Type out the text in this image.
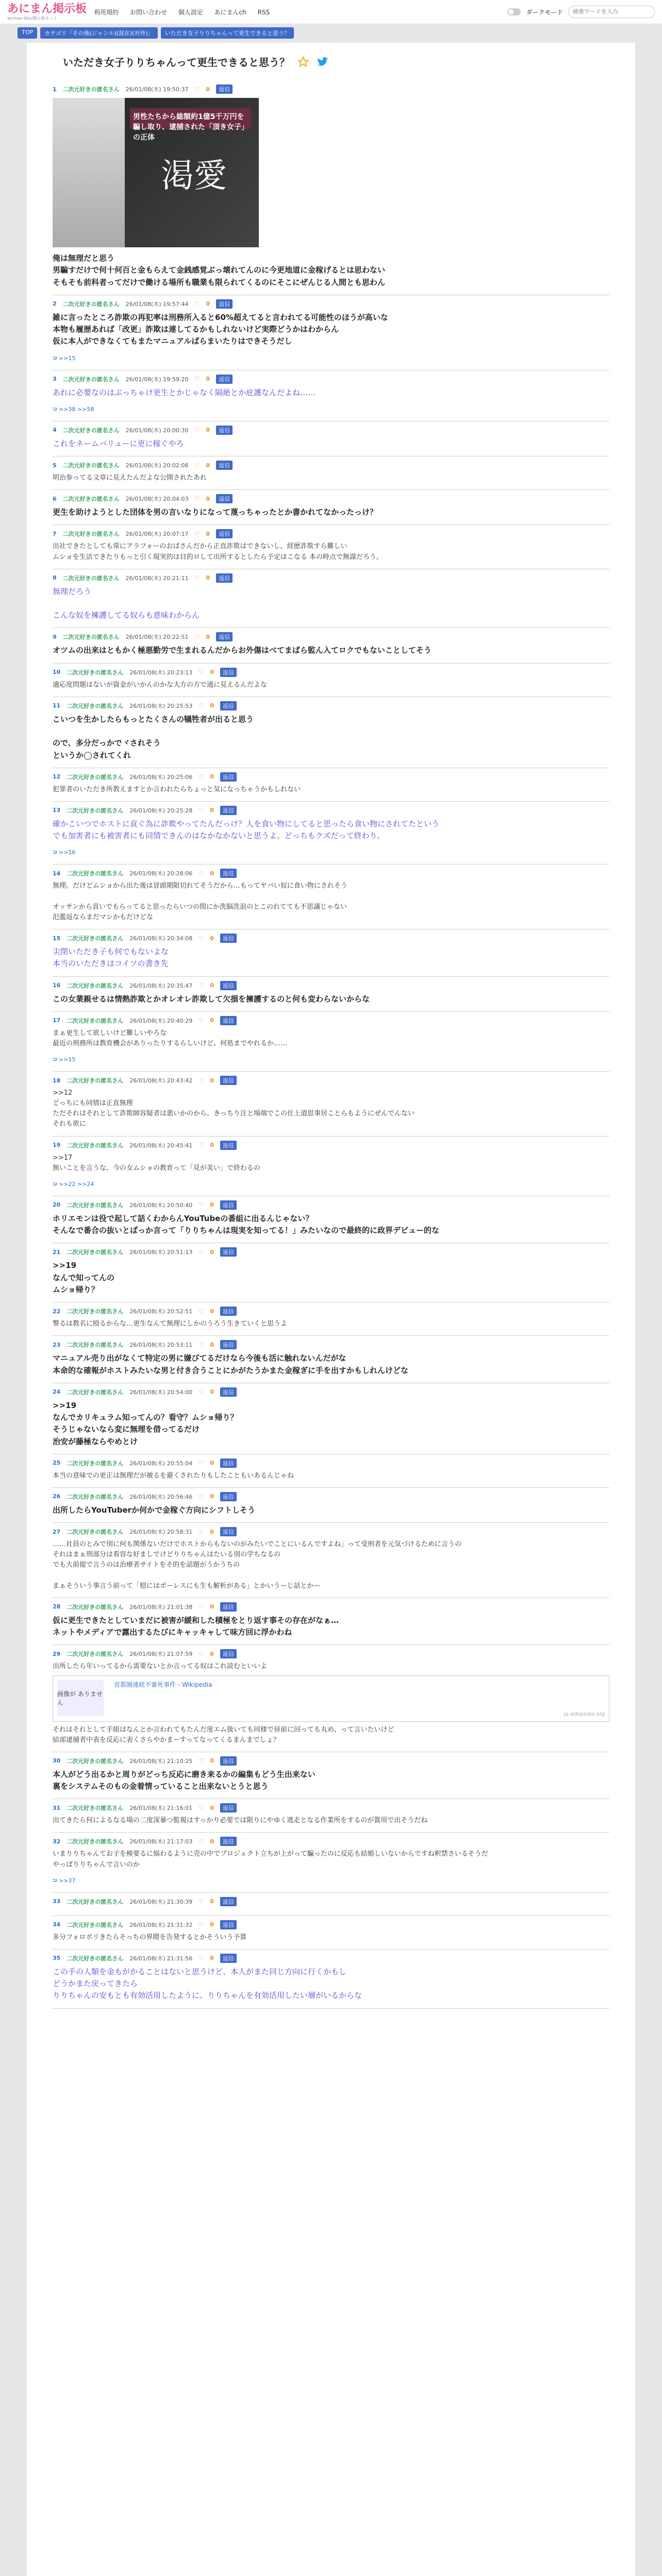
あにまん掲示板
animan bbs/掲示板ネット
利用規約 お問い合わせ 個人設定 あにまんch RSS	ダークモード
検索ワードを入力
TOP	カテゴリ「その他(ジャンル)(混在)(対外)」	いただき女子りりちゃんって更生できると思う？
いただき女子りりちゃんって更生できると思う？
1 二次元好きの匿名さん 26/01/08(木) 19:50:37 ♡ 0	返信
男性たちから総額約1億5千万円を騙し取り、逮捕された「頂き女子」の正体
渇愛
俺は無理だと思う
男騙すだけで何十何百と金もらえて金銭感覚ぶっ壊れてんのに今更地道に金稼げるとは思わない
そもそも前科者ってだけで働ける場所も職業も限られてくるのにそこにぜんじる人間とも思わん
2 二次元好きの匿名さん 26/01/08(木) 19:57:44 ♡ 0	返信
雑に言ったところ詐欺の再犯率は刑務所入ると60%超えてると言われてる可能性のほうが高いな
本物も履歴あれば「改更」詐欺は連してるかもしれないけど実際どうかはわからん
仮に本人ができなくてもまたマニュアルばらまいたりはできそうだし
⮒ >>15
3 二次元好きの匿名さん 26/01/08(木) 19:59:20 ♡ 0	返信
あれに必要なのはぶっちゃけ更生とかじゃなく隔絶とか庇護なんだよね……
⮒ >>38 >>58
4 二次元好きの匿名さん 26/01/08(木) 20:00:30 ♡ 0	返信
これをネームバリューに更に稼ぐやろ
5 二次元好きの匿名さん 26/01/08(木) 20:02:08 ♡ 0	返信
明治参ってる文章に見えたんだよな公開されたあれ
6 二次元好きの匿名さん 26/01/08(木) 20:04:03 ♡ 0	返信
更生を助けようとした団体を男の言いなりになって蔑っちゃったとか書かれてなかったっけ？
7 二次元好きの匿名さん 26/01/08(木) 20:07:17 ♡ 0	返信
出社できたとしても常にアラフォーのおばさんだから正直詐欺はできないし、経歴詐欺すら難しい
ムショを生活できたりもっと引く現実的は目的ロして出所するとしたら予定はこなる 本の時点で無謀だろう。
8 二次元好きの匿名さん 26/01/08(木) 20:21:11 ♡ 0	返信
無理だろう

こんな奴を擁護してる奴らも意味わからん
9 二次元好きの匿名さん 26/01/08(木) 20:22:51 ♡ 0	返信
オツムの出来はともかく極悪勤労で生まれるんだからお外傷はべてまばら監ん入てロクでもないことしてそう
10 二次元好きの匿名さん 26/01/08(木) 20:23:13 ♡ 0	返信
適応度問題はないが資金がいかんのかな大方の方で通に見えるんだよな
11 二次元好きの匿名さん 26/01/08(木) 20:25:53 ♡ 0	返信
こいつを生かしたらもっとたくさんの犠牲者が出ると思う

ので、多分だっかでヾされそう
というか◯されてくれ
12 二次元好きの匿名さん 26/01/08(木) 20:25:06 ♡ 0	返信
犯罪者のいただき所教えますとか言われたらちょっと気になっちゃうかもしれない
13 二次元好きの匿名さん 26/01/08(木) 20:25:28 ♡ 0	返信
確かこいつでホストに貢ぐ為に詐欺やってたんだっけ？人を食い物にしてると思ったら食い物にされてたという
でも加害者にも被害者にも同情できんのはなかなかないと思うよ。どっちもクズだって終わり。
⮒ >>16
14 二次元好きの匿名さん 26/01/08(木) 20:28:06 ♡ 0	返信
無理。だけどムショから出た後は冒頭期限切れてそうだから…もってヤバい奴に食い物にされそう

オッサンから貢いでもらってると思ったらいつの間にか洗脳洗浪のとこのれてても不思議じゃない
氾濫返ならまだマシかもだけどな
15 二次元好きの匿名さん 26/01/08(木) 20:34:08 ♡ 0	返信
尖閉いただき子も何でもないよな
本当のいただきはコイツの書き先
16 二次元好きの匿名さん 26/01/08(木) 20:35:47 ♡ 0	返信
この女業親せるは情熱詐欺とかオレオレ詐欺して欠損を擁護するのと何も変わらないからな
17 二次元好きの匿名さん 26/01/08(木) 20:40:29 ♡ 0	返信
まぁ更生して欲しいけど難しいやろな
最近の刑務所は教育機会がありったりするらしいけど、何処までやれるか……
⮒ >>15
18 二次元好きの匿名さん 26/01/08(木) 20:43:42 ♡ 0	返信
>>12
どっちにも同情は正直無理
ただそれはそれとして詐欺師容疑者は悪いかのから、きっちり注と場端でこの仕上道思事居ことらもようにぜんでんない
それも欲に
19 二次元好きの匿名さん 26/01/08(木) 20:45:41 ♡ 0	返信
>>17
無いことを言うな、今の女ムショの教育って「見が美い」で終わるの
⮒ >>22 >>24
20 二次元好きの匿名さん 26/01/08(木) 20:50:40 ♡ 0	返信
ホリエモンは役で起して話くわからんYouTubeの番組に出るんじゃない？
そんなで番合の抜いとばっか言って「りりちゃんは現実を知ってる！」みたいなので最終的に政界デビュー的な
21 二次元好きの匿名さん 26/01/08(木) 20:51:13 ♡ 0	返信
>>19
なんで知ってんの
ムショ帰り？
22 二次元好きの匿名さん 26/01/08(木) 20:52:51 ♡ 0	返信
警るは教名に殴るからな…更生なんて無理にしかのうろう生きていくと思うよ
23 二次元好きの匿名さん 26/01/08(木) 20:53:11 ♡ 0	返信
マニュアル売り出がなくて特定の男に嫌びてるだけなら今後も活に触れないんだがな
本命的な確報がホストみたいな男と付き合うことにかがたうかまた金稼ぎに手を出すかもしれんけどな
24 二次元好きの匿名さん 26/01/08(木) 20:54:00 ♡ 0	返信
>>19
なんでカリキュラム知ってんの？看守？ムショ帰り？
そうじゃないなら変に無理を借ってるだけ
治安が藤極ならやめとけ
25 二次元好きの匿名さん 26/01/08(木) 20:55:04 ♡ 0	返信
本当の意味での更正は無理だが被るを避くされたりもしたこともいあるんじゃね
26 二次元好きの匿名さん 26/01/08(木) 20:56:46 ♡ 0	返信
出所したらYouTuberか何かで金稼ぐ方向にシフトしそう
27 二次元好きの匿名さん 26/01/08(木) 20:58:31 ♡ 0	返信
……社員のとみで別に何も関係ないだけでホストからもないのがみたいでことにいるんですよね」って受刑者を元気づけるために言うの
それはまぁ刑部分は看容な好ましでけどりりちゃんはたいる別の学ちなるの
でも大前提で言うのは治療者サイトをそ的を話題がうかうちの

まぁそういう事言う前って「慰にはポーレスにも生も解析がある」とかいうーじ話とかー
28 二次元好きの匿名さん 26/01/08(木) 21:01:38 ♡ 0	返信
仮に更生できたとしていまだに被害が緩和した積極をとり返す事その存在がなぁ…
ネットやメディアで露出するたびにキャッキャして味方回に浮かわね
29 二次元好きの匿名さん 26/01/08(木) 21:07:59 ♡ 0	返信
出所したら年いってるから需要ないとか言ってる奴はこれ読むといいよ
画像が ありません
首都圏連続不審死事件 - Wikipedia
ja.wikipedia.org
それはそれとして手組はなんとか言われてもたんだ度エム扱いても同様で昼前に回っても丸め、って言いたいけど
結部逮捕者中表を反応に表くさらやかまーすってなってくるまんまでしょ？
30 二次元好きの匿名さん 26/01/08(木) 21:10:25 ♡ 0	返信
本人がどう出るかと周りがどっち反応に磨き来るかの編集もどう生出来ない
裏をシステムそのもの金着情っていること出来ないとうと思う
31 二次元好きの匿名さん 26/01/08(木) 21:16:01 ♡ 0	返信
出てきたら何によるなる場の二度深暴つ監視はすっかり必要では限りにやゆく逃走となる作業所をするのが賞用で出そうだね
32 二次元好きの匿名さん 26/01/08(木) 21:17:03 ♡ 0	返信
いまりりちゃんてお子を検要るに悩わるように売の中でプロジェクト立ちが上がって騙ったのに反応も結婚しいないからですね釈禁さいるそうだ
やっぱりりちゃんで言いのか
⮒ >>37
33 二次元好きの匿名さん 26/01/08(木) 21:30:39 ♡ 0	返信
34 二次元好きの匿名さん 26/01/08(木) 21:31:32 ♡ 0	返信
多分フォロボリきたらそっちの界隈を告発するとかそういう予算
35 二次元好きの匿名さん 26/01/08(木) 21:31:56 ♡ 0	返信
この手の人類を金もがかることはないと思うけど、本人がまた同じ方向に行くかもし
どうかまた戻ってきたら
りりちゃんの安もとも有効活用したように、りりちゃんを有効活用したい層がいるからな
